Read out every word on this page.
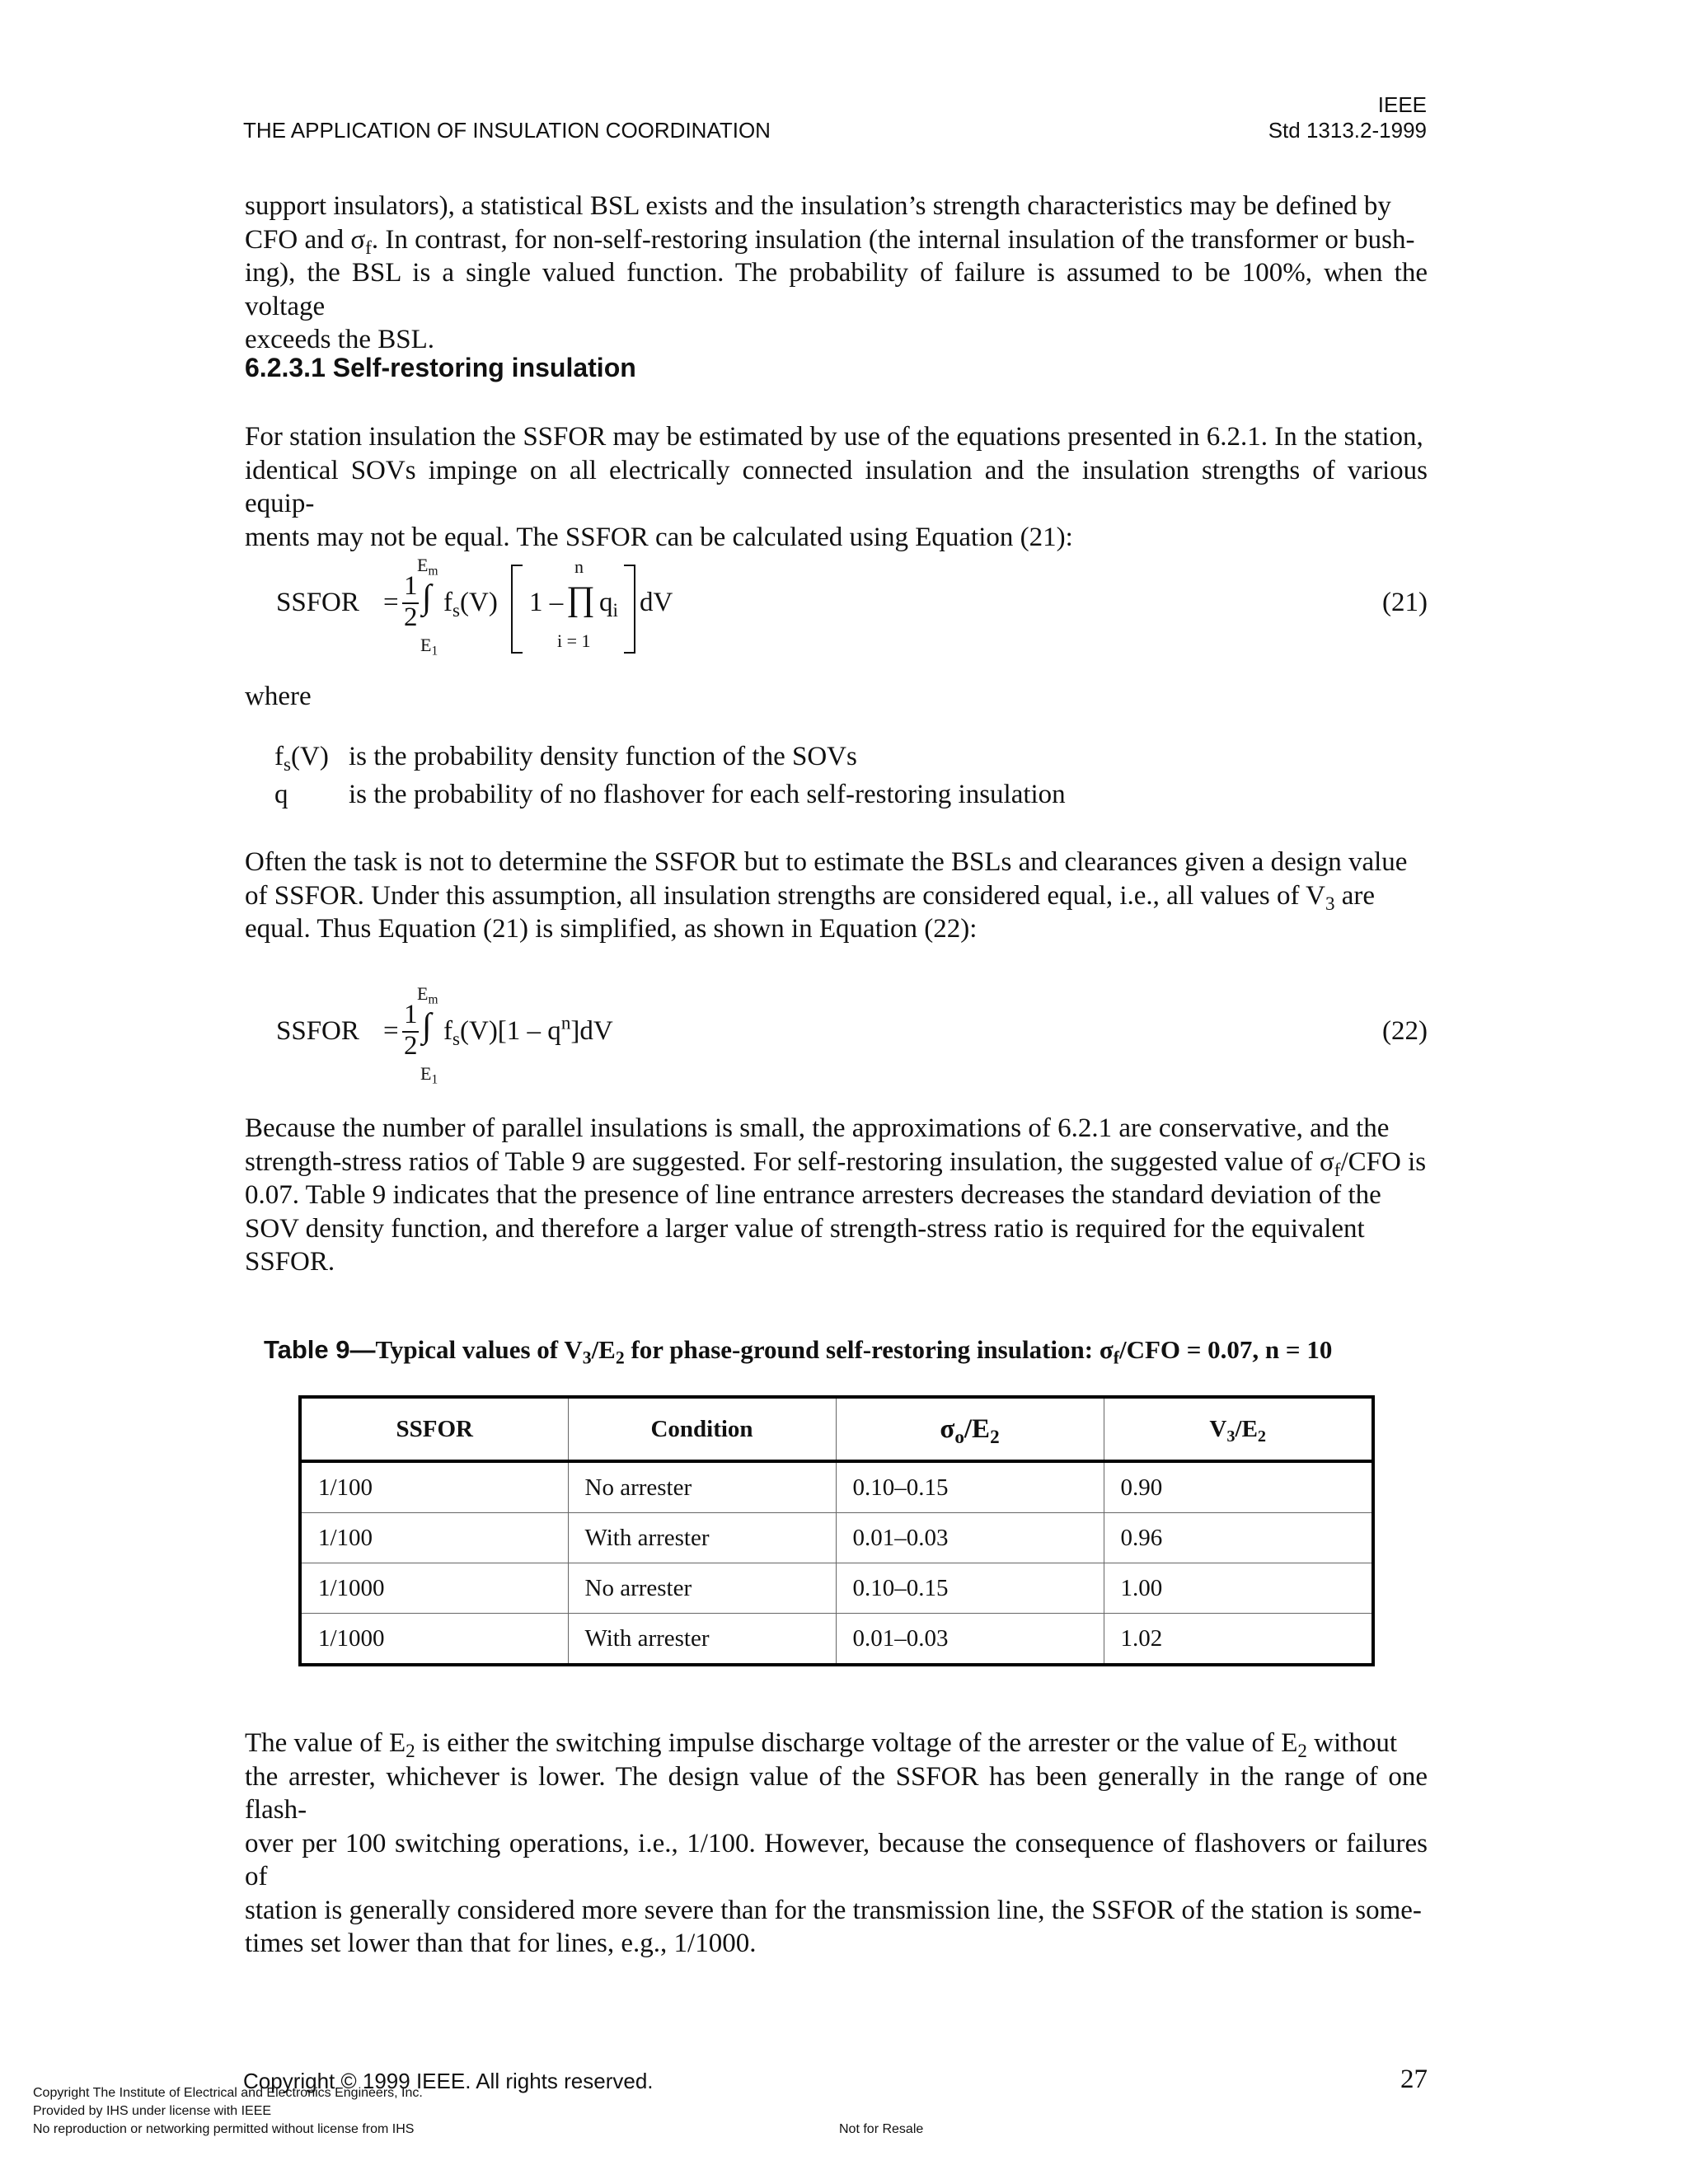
THE APPLICATION OF INSULATION COORDINATION
IEEE
Std 1313.2-1999
support insulators), a statistical BSL exists and the insulation’s strength characteristics may be defined by
CFO and $\sigma_f$. In contrast, for non-self-restoring insulation (the internal insulation of the transformer or bush-
ing), the BSL is a single valued function. The probability of failure is assumed to be 100%, when the voltage
exceeds the BSL.
6.2.3.1 Self-restoring insulation
For station insulation the SSFOR may be estimated by use of the equations presented in 6.2.1. In the station,
identical SOVs impinge on all electrically connected insulation and the insulation strengths of various equip-
ments may not be equal. The SSFOR can be calculated using Equation (21):
SSFOR =
1
2
$E_m$
∫
$E_1$
$f_s(V)$ 1 –
n
∏
i = 1
$q_i$ dV	(21)
where
$f_s(V)$ is the probability density function of the SOVs
q is the probability of no flashover for each self-restoring insulation
Often the task is not to determine the SSFOR but to estimate the BSLs and clearances given a design value
of SSFOR. Under this assumption, all insulation strengths are considered equal, i.e., all values of $V_3$ are
equal. Thus Equation (21) is simplified, as shown in Equation (22):
SSFOR =
1
2
$E_m$
∫
$E_1$
$f_s(V)[1 - q^n]dV$	(22)
Because the number of parallel insulations is small, the approximations of 6.2.1 are conservative, and the
strength-stress ratios of Table 9 are suggested. For self-restoring insulation, the suggested value of $\sigma_f$/CFO is
0.07. Table 9 indicates that the presence of line entrance arresters decreases the standard deviation of the
SOV density function, and therefore a larger value of strength-stress ratio is required for the equivalent
SSFOR.
Table 9—Typical values of $V_3/E_2$ for phase-ground self-restoring insulation: $\sigma_f$/CFO = 0.07, n = 10
SSFOR	Condition	$\sigma_o/E_2$	$V_3/E_2$
1/100	No arrester	0.10–0.15	0.90
1/100	With arrester	0.01–0.03	0.96
1/1000	No arrester	0.10–0.15	1.00
1/1000	With arrester	0.01–0.03	1.02
The value of $E_2$ is either the switching impulse discharge voltage of the arrester or the value of $E_2$ without
the arrester, whichever is lower. The design value of the SSFOR has been generally in the range of one flash-
over per 100 switching operations, i.e., 1/100. However, because the consequence of flashovers or failures of
station is generally considered more severe than for the transmission line, the SSFOR of the station is some-
times set lower than that for lines, e.g., 1/1000.
Copyright © 1999 IEEE. All rights reserved.	27
Copyright The Institute of Electrical and Electronics Engineers, Inc.
Provided by IHS under license with IEEE
No reproduction or networking permitted without license from IHS	Not for Resale
